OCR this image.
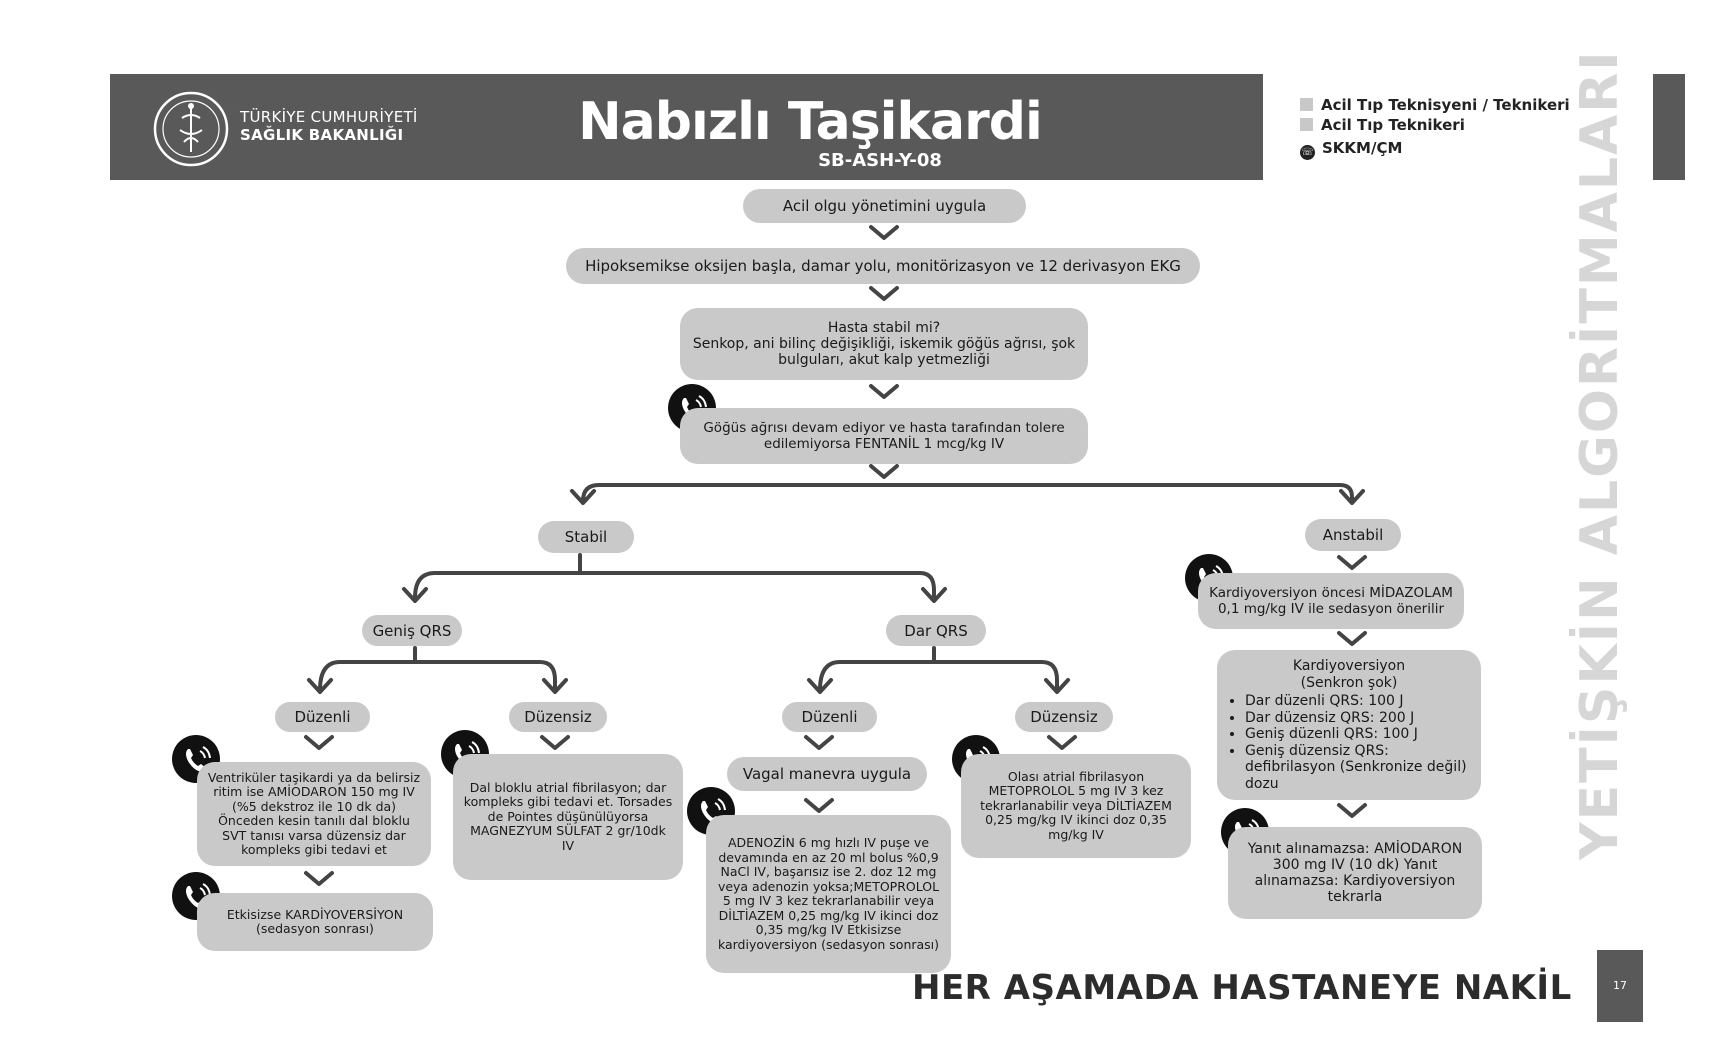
TÜRKİYE CUMHURİYETİ
SAĞLIK BAKANLIĞI	Nabızlı Taşikardi
SB-ASH-Y-08
Acil Tıp Teknisyeni / Teknikeri
Acil Tıp Teknikeri
☏ SKKM/ÇM	YETİŞKİN ALGORİTMALARI
Acil olgu yönetimini uygula
Hipoksemikse oksijen başla, damar yolu, monitörizasyon ve 12 derivasyon EKG
Hasta stabil mi?
Senkop, ani bilinç değişikliği, iskemik göğüs ağrısı, şok bulguları, akut kalp yetmezliği
Göğüs ağrısı devam ediyor ve hasta tarafından tolere edilemiyorsa FENTANİL 1 mcg/kg IV
Stabil	Anstabil
Geniş QRS	Dar QRS
Düzenli	Düzensiz	Düzenli	Düzensiz
Ventriküler taşikardi ya da belirsiz ritim ise AMİODARON 150 mg IV (%5 dekstroz ile 10 dk da) Önceden kesin tanılı dal bloklu SVT tanısı varsa düzensiz dar kompleks gibi tedavi et
Etkisizse KARDİYOVERSİYON
(sedasyon sonrası)
Dal bloklu atrial fibrilasyon; dar kompleks gibi tedavi et. Torsades de Pointes düşünülüyorsa MAGNEZYUM SÜLFAT 2 gr/10dk IV
Vagal manevra uygula
ADENOZİN 6 mg hızlı IV puşe ve devamında en az 20 ml bolus %0,9 NaCl IV, başarısız ise 2. doz 12 mg veya adenozin yoksa;METOPROLOL 5 mg IV 3 kez tekrarlanabilir veya DİLTİAZEM 0,25 mg/kg IV ikinci doz 0,35 mg/kg IV Etkisizse kardiyoversiyon (sedasyon sonrası)
Olası atrial fibrilasyon METOPROLOL 5 mg IV 3 kez tekrarlanabilir veya DİLTİAZEM 0,25 mg/kg IV ikinci doz 0,35 mg/kg IV
Kardiyoversiyon öncesi MİDAZOLAM 0,1 mg/kg IV ile sedasyon önerilir
Kardiyoversiyon
(Senkron şok)
• Dar düzenli QRS: 100 J
• Dar düzensiz QRS: 200 J
• Geniş düzenli QRS: 100 J
• Geniş düzensiz QRS: defibrilasyon (Senkronize değil) dozu
Yanıt alınamazsa: AMİODARON 300 mg IV (10 dk) Yanıt alınamazsa: Kardiyoversiyon tekrarla
HER AŞAMADA HASTANEYE NAKİL	17
